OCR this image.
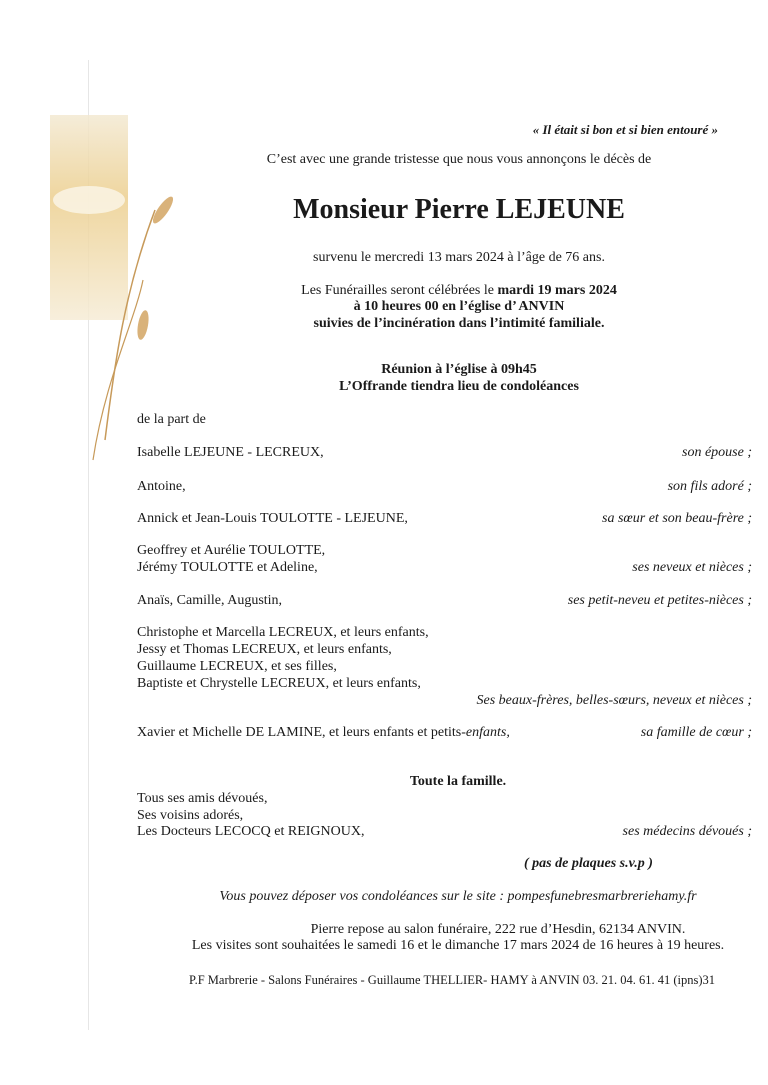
« Il était si bon et si bien entouré »
C’est avec une grande tristesse que nous vous annonçons le décès de
Monsieur Pierre LEJEUNE
survenu le mercredi 13 mars 2024 à l’âge de 76 ans.
Les Funérailles seront célébrées le mardi 19 mars 2024
à 10 heures 00 en l’église d’ ANVIN
suivies de l’incinération dans l’intimité familiale.
Réunion à l’église à 09h45
L’Offrande tiendra lieu de condoléances
de la part de
Isabelle LEJEUNE - LECREUX,	son épouse ;
Antoine,	son fils adoré ;
Annick et Jean-Louis TOULOTTE - LEJEUNE,	sa sœur et son beau-frère ;
Geoffrey et Aurélie TOULOTTE,
Jérémy TOULOTTE et Adeline,	ses neveux et nièces ;
Anaïs, Camille, Augustin,	ses petit-neveu et petites-nièces ;
Christophe et Marcella LECREUX, et leurs enfants,
Jessy et Thomas LECREUX, et leurs enfants,
Guillaume LECREUX, et ses filles,
Baptiste et Chrystelle LECREUX, et leurs enfants,
Ses beaux-frères, belles-sœurs, neveux et nièces ;
Xavier et Michelle DE LAMINE, et leurs enfants et petits-enfants,	sa famille de cœur ;
Toute la famille.
Tous ses amis dévoués,
Ses voisins adorés,
Les Docteurs LECOCQ et REIGNOUX,	ses médecins dévoués ;
( pas de plaques s.v.p )
Vous pouvez déposer vos condoléances sur le site : pompesfunebresmarbreriehamy.fr
Pierre repose au salon funéraire, 222 rue d’Hesdin, 62134 ANVIN.
Les visites sont souhaitées le samedi 16 et le dimanche 17 mars 2024 de 16 heures à 19 heures.
P.F Marbrerie - Salons Funéraires - Guillaume THELLIER- HAMY à ANVIN 03. 21. 04. 61. 41 (ipns)31
